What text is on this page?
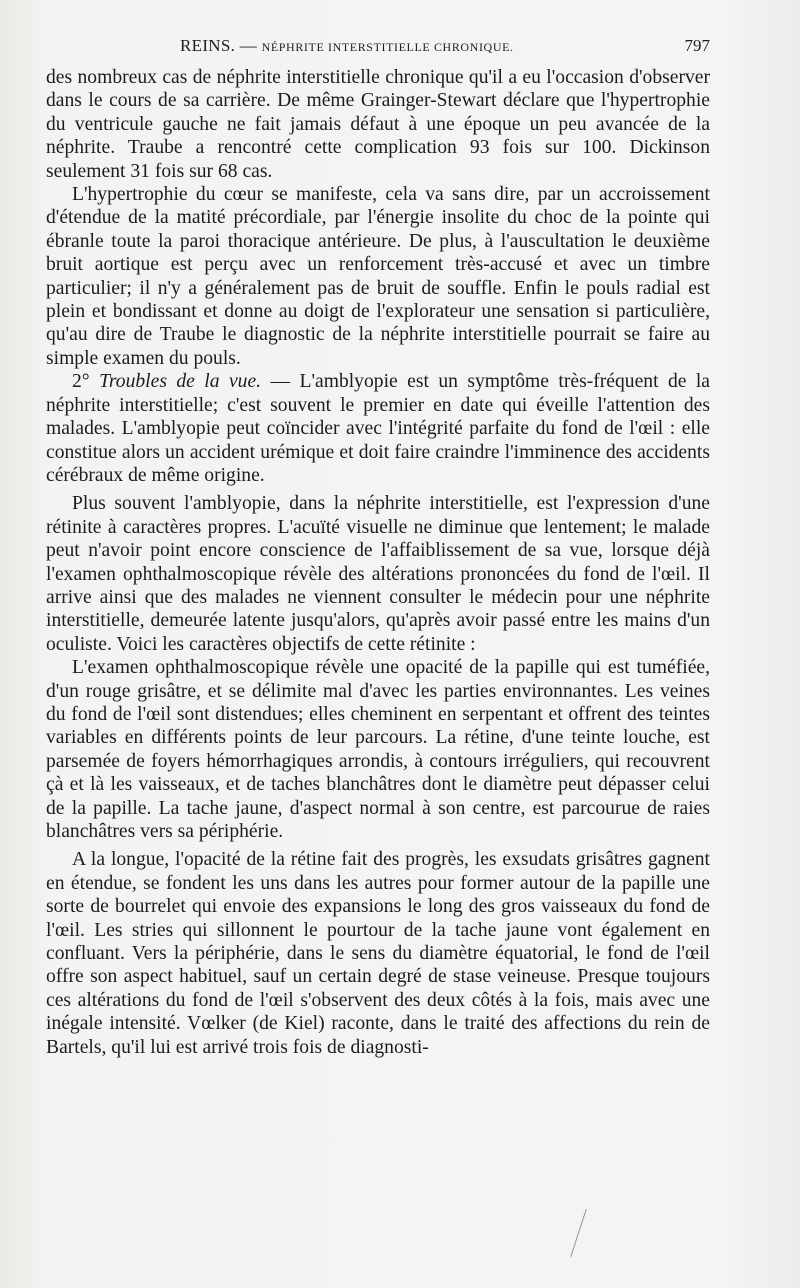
REINS. — NÉPHRITE INTERSTITIELLE CHRONIQUE.	797

des nombreux cas de néphrite interstitielle chronique qu'il a eu l'occasion d'observer dans le cours de sa carrière. De même Grainger-Stewart déclare que l'hypertrophie du ventricule gauche ne fait jamais défaut à une époque un peu avancée de la néphrite. Traube a rencontré cette complication 93 fois sur 100. Dickinson seulement 31 fois sur 68 cas.

L'hypertrophie du cœur se manifeste, cela va sans dire, par un accroissement d'étendue de la matité précordiale, par l'énergie insolite du choc de la pointe qui ébranle toute la paroi thoracique antérieure. De plus, à l'auscultation le deuxième bruit aortique est perçu avec un renforcement très-accusé et avec un timbre particulier; il n'y a généralement pas de bruit de souffle. Enfin le pouls radial est plein et bondissant et donne au doigt de l'explorateur une sensation si particulière, qu'au dire de Traube le diagnostic de la néphrite interstitielle pourrait se faire au simple examen du pouls.

2° Troubles de la vue. — L'amblyopie est un symptôme très-fréquent de la néphrite interstitielle; c'est souvent le premier en date qui éveille l'attention des malades. L'amblyopie peut coïncider avec l'intégrité parfaite du fond de l'œil : elle constitue alors un accident urémique et doit faire craindre l'imminence des accidents cérébraux de même origine.

Plus souvent l'amblyopie, dans la néphrite interstitielle, est l'expression d'une rétinite à caractères propres. L'acuïté visuelle ne diminue que lentement; le malade peut n'avoir point encore conscience de l'affaiblissement de sa vue, lorsque déjà l'examen ophthalmoscopique révèle des altérations prononcées du fond de l'œil. Il arrive ainsi que des malades ne viennent consulter le médecin pour une néphrite interstitielle, demeurée latente jusqu'alors, qu'après avoir passé entre les mains d'un oculiste. Voici les caractères objectifs de cette rétinite :

L'examen ophthalmoscopique révèle une opacité de la papille qui est tuméfiée, d'un rouge grisâtre, et se délimite mal d'avec les parties environnantes. Les veines du fond de l'œil sont distendues; elles cheminent en serpentant et offrent des teintes variables en différents points de leur parcours. La rétine, d'une teinte louche, est parsemée de foyers hémorrhagiques arrondis, à contours irréguliers, qui recouvrent çà et là les vaisseaux, et de taches blanchâtres dont le diamètre peut dépasser celui de la papille. La tache jaune, d'aspect normal à son centre, est parcourue de raies blanchâtres vers sa périphérie.

A la longue, l'opacité de la rétine fait des progrès, les exsudats grisâtres gagnent en étendue, se fondent les uns dans les autres pour former autour de la papille une sorte de bourrelet qui envoie des expansions le long des gros vaisseaux du fond de l'œil. Les stries qui sillonnent le pourtour de la tache jaune vont également en confluant. Vers la périphérie, dans le sens du diamètre équatorial, le fond de l'œil offre son aspect habituel, sauf un certain degré de stase veineuse. Presque toujours ces altérations du fond de l'œil s'observent des deux côtés à la fois, mais avec une inégale intensité. Vœlker (de Kiel) raconte, dans le traité des affections du rein de Bartels, qu'il lui est arrivé trois fois de diagnosti-
